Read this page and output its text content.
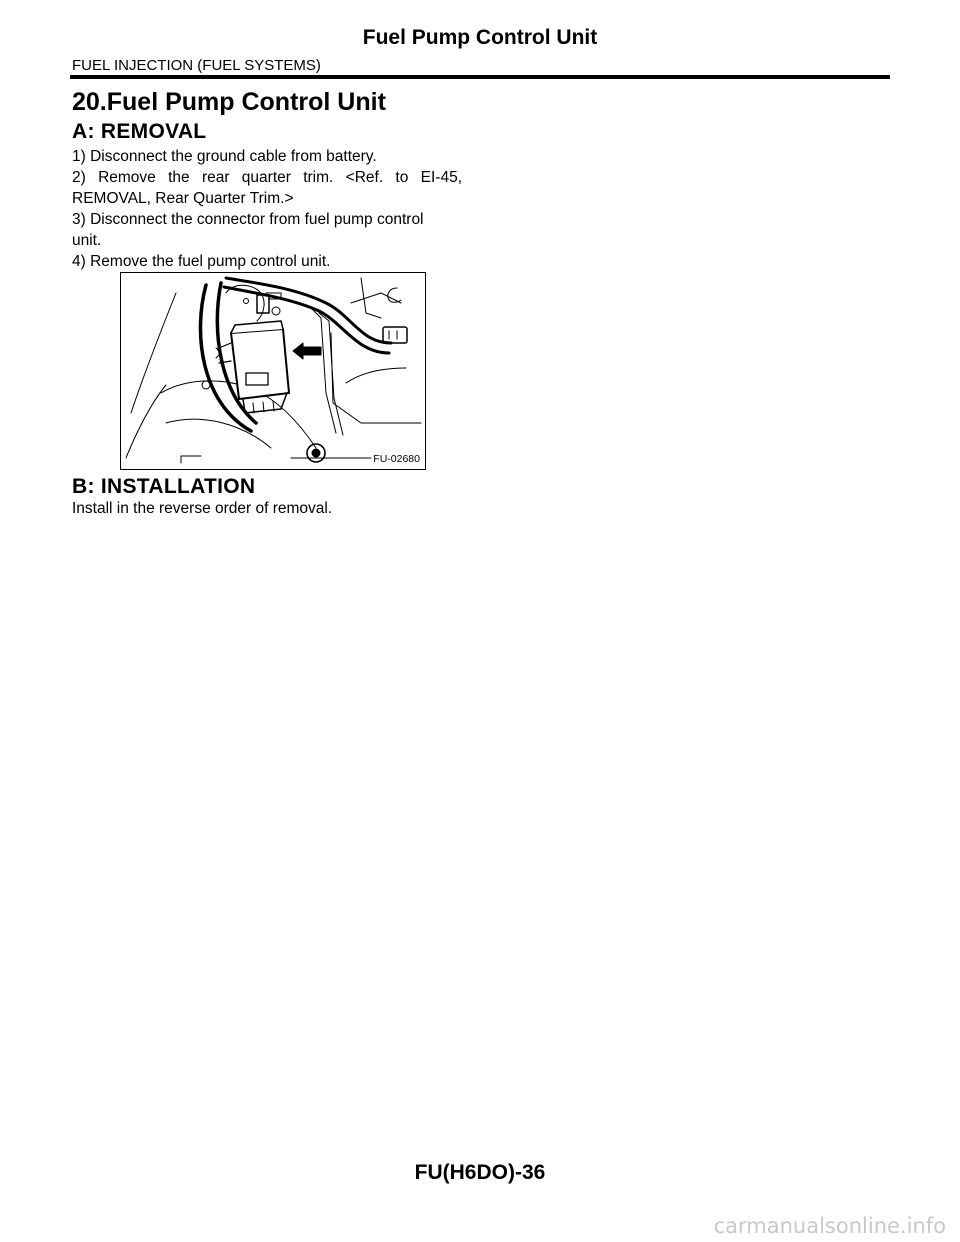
Fuel Pump Control Unit
FUEL INJECTION (FUEL SYSTEMS)
20.Fuel Pump Control Unit
A: REMOVAL

1) Disconnect the ground cable from battery.

2) Remove the rear quarter trim. <Ref. to EI-45,

REMOVAL, Rear Quarter Trim.>

3) Disconnect the connector from fuel pump control

unit.

4) Remove the fuel pump control unit.

FU-02680
B: INSTALLATION
Install in the reverse order of removal.
FU(H6DO)-36
carmanualsonline.info
